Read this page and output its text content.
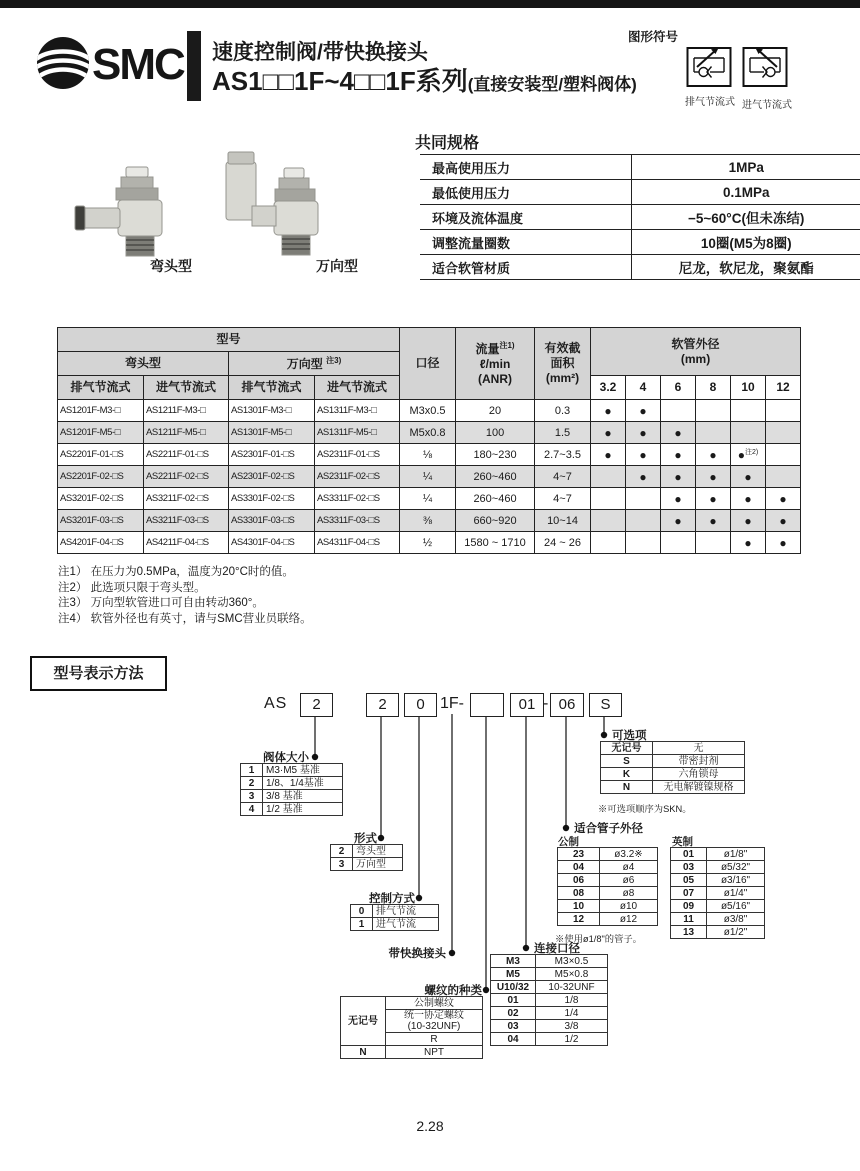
SMC 速度控制阀/带快换接头
AS1□□1F~4□□1F系列(直接安装型/塑料阀体)
图形符号
排气节流式 进气节流式
弯头型	万向型
共同规格
最高使用压力	1MPa
最低使用压力	0.1MPa
环境及流体温度	−5~60°C(但未冻结)
调整流量圈数	10圈(M5为8圈)
适合软管材质	尼龙，软尼龙，聚氨酯
型号				口径	流量$^{注1)}$
ℓ/min
(ANR)	有效截
面积
(mm²)	软管外径
(mm)					
弯头型		万向型 $^{注3)}$
排气节流式	进气节流式	排气节流式	进气节流式				3.2	4	6	8	10	12
AS1201F-M3-□	AS1211F-M3-□	AS1301F-M3-□	AS1311F-M3-□	M3x0.5	20	0.3	●	●				
AS1201F-M5-□	AS1211F-M5-□	AS1301F-M5-□	AS1311F-M5-□	M5x0.8	100	1.5	●	●	●			
AS2201F-01-□S	AS2211F-01-□S	AS2301F-01-□S	AS2311F-01-□S	⅛	180~230	2.7~3.5	●	●	●	●	●$^{注2)}$	
AS2201F-02-□S	AS2211F-02-□S	AS2301F-02-□S	AS2311F-02-□S	¼	260~460	4~7		●	●	●	●	
AS3201F-02-□S	AS3211F-02-□S	AS3301F-02-□S	AS3311F-02-□S	¼	260~460	4~7			●	●	●	●
AS3201F-03-□S	AS3211F-03-□S	AS3301F-03-□S	AS3311F-03-□S	⅜	660~920	10~14			●	●	●	●
AS4201F-04-□S	AS4211F-04-□S	AS4301F-04-□S	AS4311F-04-□S	½	1580 ~ 1710	24 ~ 26					●	●
注1） 在压力为0.5MPa，温度为20°C时的值。
注2） 此选项只限于弯头型。
注3） 万向型软管进口可自由转动360°。
注4） 软管外径也有英寸，请与SMC营业员联络。
型号表示方法
AS	2	2	0 1F-	01 - 06	S
阀体大小
形式
控制方式
带快换接头
螺纹的种类
连接口径
适合管子外径
可选项
1	M3·M5 基准
2	1/8、1/4基准
3	3/8 基准
4	1/2 基准
2	弯头型
3	万向型
0	排气节流
1	进气节流
无记号	公制螺纹
	统一协定螺纹
(10-32UNF)
	R
N	NPT
M3	M3×0.5
M5	M5×0.8
U10/32	10-32UNF
01	1/8
02	1/4
03	3/8
04	1/2
公制
23	ø3.2※
04	ø4
06	ø6
08	ø8
10	ø10
12	ø12
※使用ø1/8"的管子。
英制
01	ø1/8"
03	ø5/32"
05	ø3/16"
07	ø1/4"
09	ø5/16"
11	ø3/8"
13	ø1/2"
无记号	无
S	带密封剂
K	六角锁母
N	无电解镀镍规格
※可选项顺序为SKN。
2.28
